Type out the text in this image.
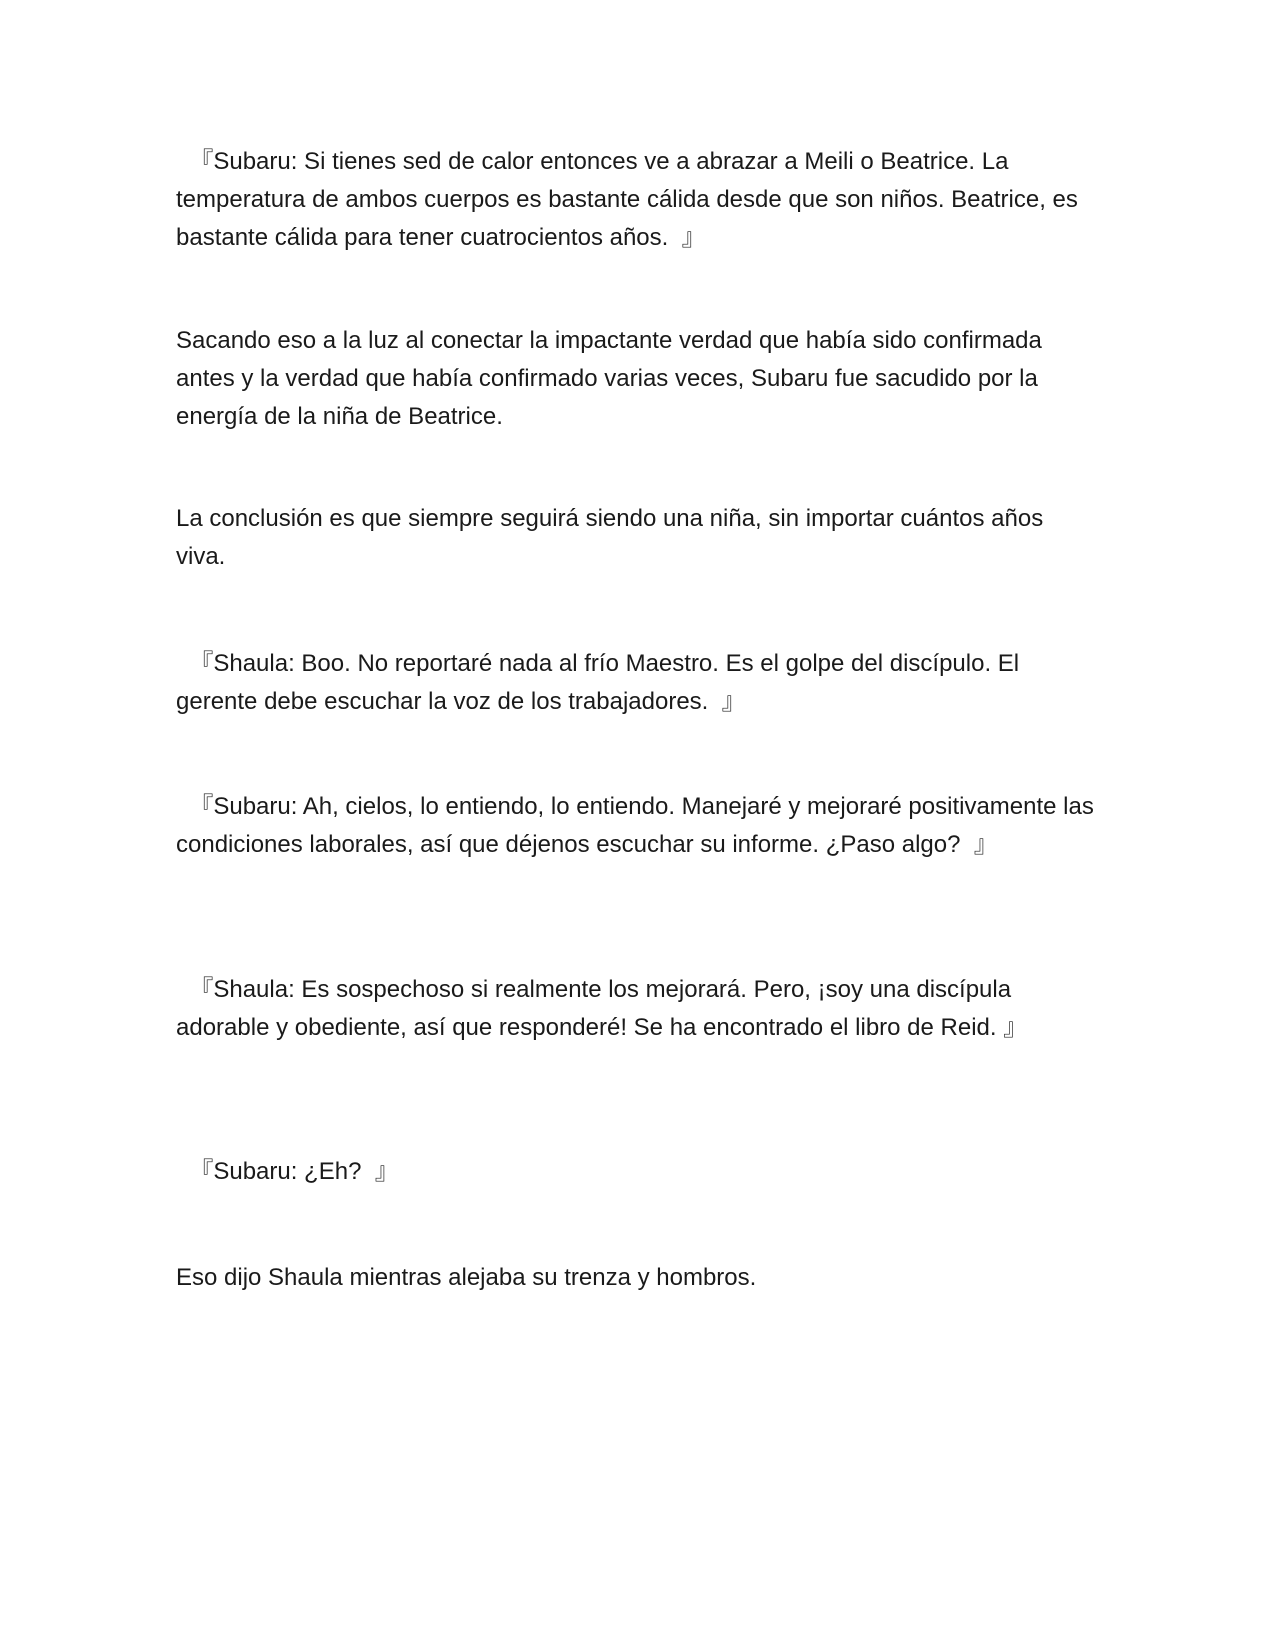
『Subaru: Si tienes sed de calor entonces ve a abrazar a Meili o Beatrice. La temperatura de ambos cuerpos es bastante cálida desde que son niños. Beatrice, es bastante cálida para tener cuatrocientos años.  』

Sacando eso a la luz al conectar la impactante verdad que había sido confirmada antes y la verdad que había confirmado varias veces, Subaru fue sacudido por la energía de la niña de Beatrice.

La conclusión es que siempre seguirá siendo una niña, sin importar cuántos años viva.

『Shaula: Boo. No reportaré nada al frío Maestro. Es el golpe del discípulo. El gerente debe escuchar la voz de los trabajadores.  』

『Subaru: Ah, cielos, lo entiendo, lo entiendo. Manejaré y mejoraré positivamente las condiciones laborales, así que déjenos escuchar su informe. ¿Paso algo?  』

『Shaula: Es sospechoso si realmente los mejorará. Pero, ¡soy una discípula adorable y obediente, así que responderé! Se ha encontrado el libro de Reid. 』

『Subaru: ¿Eh?  』

Eso dijo Shaula mientras alejaba su trenza y hombros.
